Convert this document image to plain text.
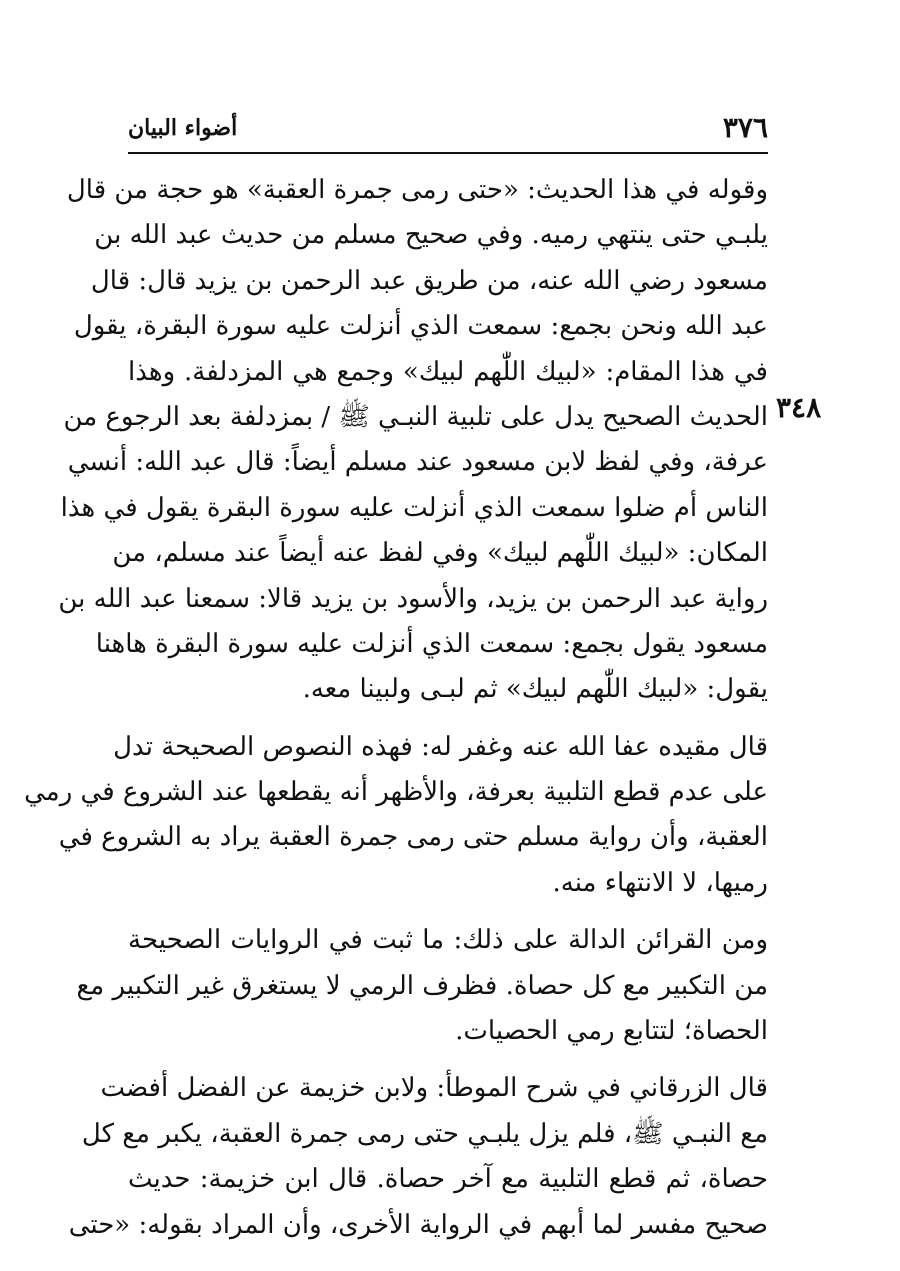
٣٧٦
أضواء البيان
٣٤٨
وقوله في هذا الحديث: «حتى رمى جمرة العقبة» هو حجة من قال
يلبـي حتى ينتهي رميه. وفي صحيح مسلم من حديث عبد الله بن
مسعود رضي الله عنه، من طريق عبد الرحمن بن يزيد قال: قال
عبد الله ونحن بجمع: سمعت الذي أنزلت عليه سورة البقرة، يقول
في هذا المقام: «لبيك اللّٰهم لبيك» وجمع هي المزدلفة. وهذا
الحديث الصحيح يدل على تلبية النبـي ﷺ / بمزدلفة بعد الرجوع من
عرفة، وفي لفظ لابن مسعود عند مسلم أيضاً: قال عبد الله: أنسي
الناس أم ضلوا سمعت الذي أنزلت عليه سورة البقرة يقول في هذا
المكان: «لبيك اللّٰهم لبيك» وفي لفظ عنه أيضاً عند مسلم، من
رواية عبد الرحمن بن يزيد، والأسود بن يزيد قالا: سمعنا عبد الله بن
مسعود يقول بجمع: سمعت الذي أنزلت عليه سورة البقرة هاهنا
يقول: «لبيك اللّٰهم لبيك» ثم لبـى ولبينا معه.
قال مقيده عفا الله عنه وغفر له: فهذه النصوص الصحيحة تدل
على عدم قطع التلبية بعرفة، والأظهر أنه يقطعها عند الشروع في رمي
العقبة، وأن رواية مسلم حتى رمى جمرة العقبة يراد به الشروع في
رميها، لا الانتهاء منه.
ومن القرائن الدالة على ذلك: ما ثبت في الروايات الصحيحة
من التكبير مع كل حصاة. فظرف الرمي لا يستغرق غير التكبير مع
الحصاة؛ لتتابع رمي الحصيات.
قال الزرقاني في شرح الموطأ: ولابن خزيمة عن الفضل أفضت
مع النبـي ﷺ، فلم يزل يلبـي حتى رمى جمرة العقبة، يكبر مع كل
حصاة، ثم قطع التلبية مع آخر حصاة. قال ابن خزيمة: حديث
صحيح مفسر لما أبهم في الرواية الأخرى، وأن المراد بقوله: «حتى
